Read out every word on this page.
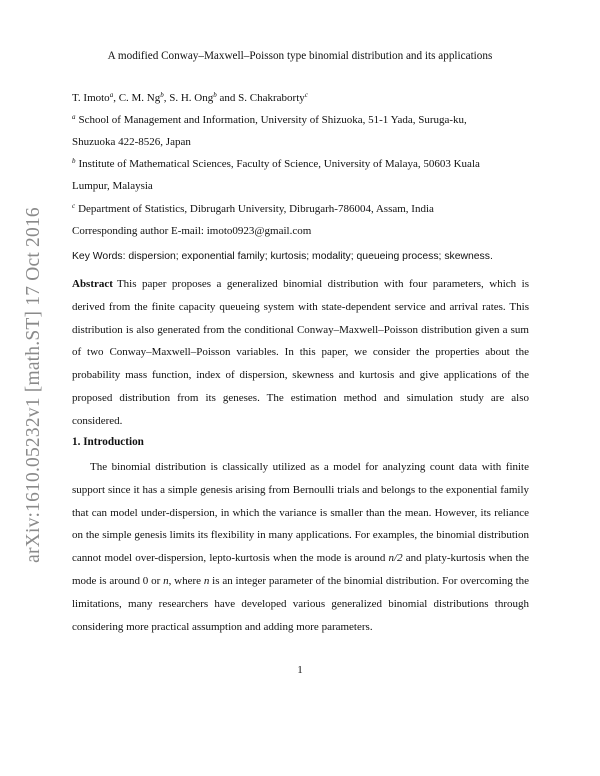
arXiv:1610.05232v1 [math.ST] 17 Oct 2016
A modified Conway–Maxwell–Poisson type binomial distribution and its applications
T. Imoto$^a$, C. M. Ng$^b$, S. H. Ong$^b$ and S. Chakraborty$^c$
$^a$ School of Management and Information, University of Shizuoka, 51-1 Yada, Suruga-ku,
Shuzuoka 422-8526, Japan
$^b$ Institute of Mathematical Sciences, Faculty of Science, University of Malaya, 50603 Kuala
Lumpur, Malaysia
$^c$ Department of Statistics, Dibrugarh University, Dibrugarh-786004, Assam, India
Corresponding author E-mail: imoto0923@gmail.com
Key Words: dispersion; exponential family; kurtosis; modality; queueing process; skewness.
Abstract This paper proposes a generalized binomial distribution with four parameters, which is derived from the finite capacity queueing system with state-dependent service and arrival rates. This distribution is also generated from the conditional Conway–Maxwell–Poisson distribution given a sum of two Conway–Maxwell–Poisson variables. In this paper, we consider the properties about the probability mass function, index of dispersion, skewness and kurtosis and give applications of the proposed distribution from its geneses. The estimation method and simulation study are also considered.
1. Introduction
The binomial distribution is classically utilized as a model for analyzing count data with finite support since it has a simple genesis arising from Bernoulli trials and belongs to the exponential family that can model under-dispersion, in which the variance is smaller than the mean. However, its reliance on the simple genesis limits its flexibility in many applications. For examples, the binomial distribution cannot model over-dispersion, lepto-kurtosis when the mode is around n/2 and platy-kurtosis when the mode is around 0 or n, where n is an integer parameter of the binomial distribution. For overcoming the limitations, many researchers have developed various generalized binomial distributions through considering more practical assumption and adding more parameters.
1
